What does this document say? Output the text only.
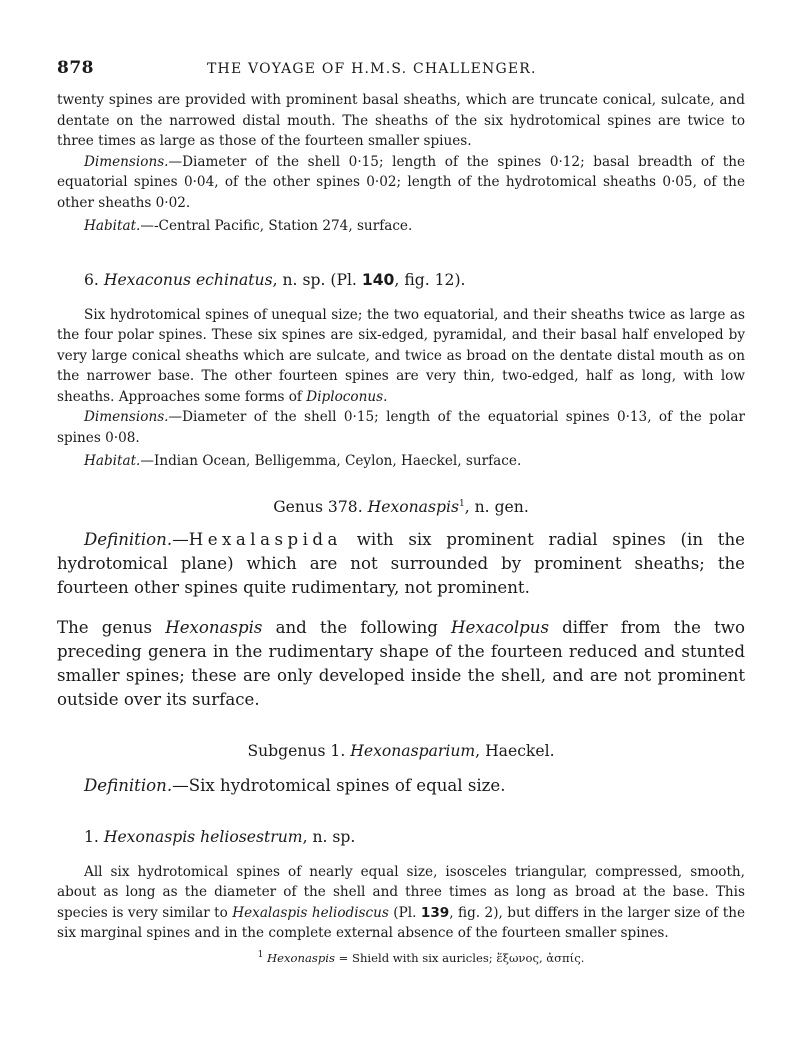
878	THE VOYAGE OF H.M.S. CHALLENGER.

twenty spines are provided with prominent basal sheaths, which are truncate conical, sulcate, and dentate on the narrowed distal mouth. The sheaths of the six hydrotomical spines are twice to three times as large as those of the fourteen smaller spiues.

Dimensions.—Diameter of the shell 0·15; length of the spines 0·12; basal breadth of the equatorial spines 0·04, of the other spines 0·02; length of the hydrotomical sheaths 0·05, of the other sheaths 0·02.

Habitat.—-Central Pacific, Station 274, surface.

6. Hexaconus echinatus, n. sp. (Pl. 140, fig. 12).

Six hydrotomical spines of unequal size; the two equatorial, and their sheaths twice as large as the four polar spines. These six spines are six-edged, pyramidal, and their basal half enveloped by very large conical sheaths which are sulcate, and twice as broad on the dentate distal mouth as on the narrower base. The other fourteen spines are very thin, two-edged, half as long, with low sheaths. Approaches some forms of Diploconus.

Dimensions.—Diameter of the shell 0·15; length of the equatorial spines 0·13, of the polar spines 0·08.

Habitat.—Indian Ocean, Belligemma, Ceylon, Haeckel, surface.

Genus 378. Hexonaspis$^1$, n. gen.

Definition.—Hexalaspida with six prominent radial spines (in the hydrotomical plane) which are not surrounded by prominent sheaths; the fourteen other spines quite rudimentary, not prominent.

The genus Hexonaspis and the following Hexacolpus differ from the two preceding genera in the rudimentary shape of the fourteen reduced and stunted smaller spines; these are only developed inside the shell, and are not prominent outside over its surface.

Subgenus 1. Hexonasparium, Haeckel.

Definition.—Six hydrotomical spines of equal size.

1. Hexonaspis heliosestrum, n. sp.

All six hydrotomical spines of nearly equal size, isosceles triangular, compressed, smooth, about as long as the diameter of the shell and three times as long as broad at the base. This species is very similar to Hexalaspis heliodiscus (Pl. 139, fig. 2), but differs in the larger size of the six marginal spines and in the complete external absence of the fourteen smaller spines.

$^1$ Hexonaspis = Shield with six auricles; ἕξωνος, ἀσπίς.
